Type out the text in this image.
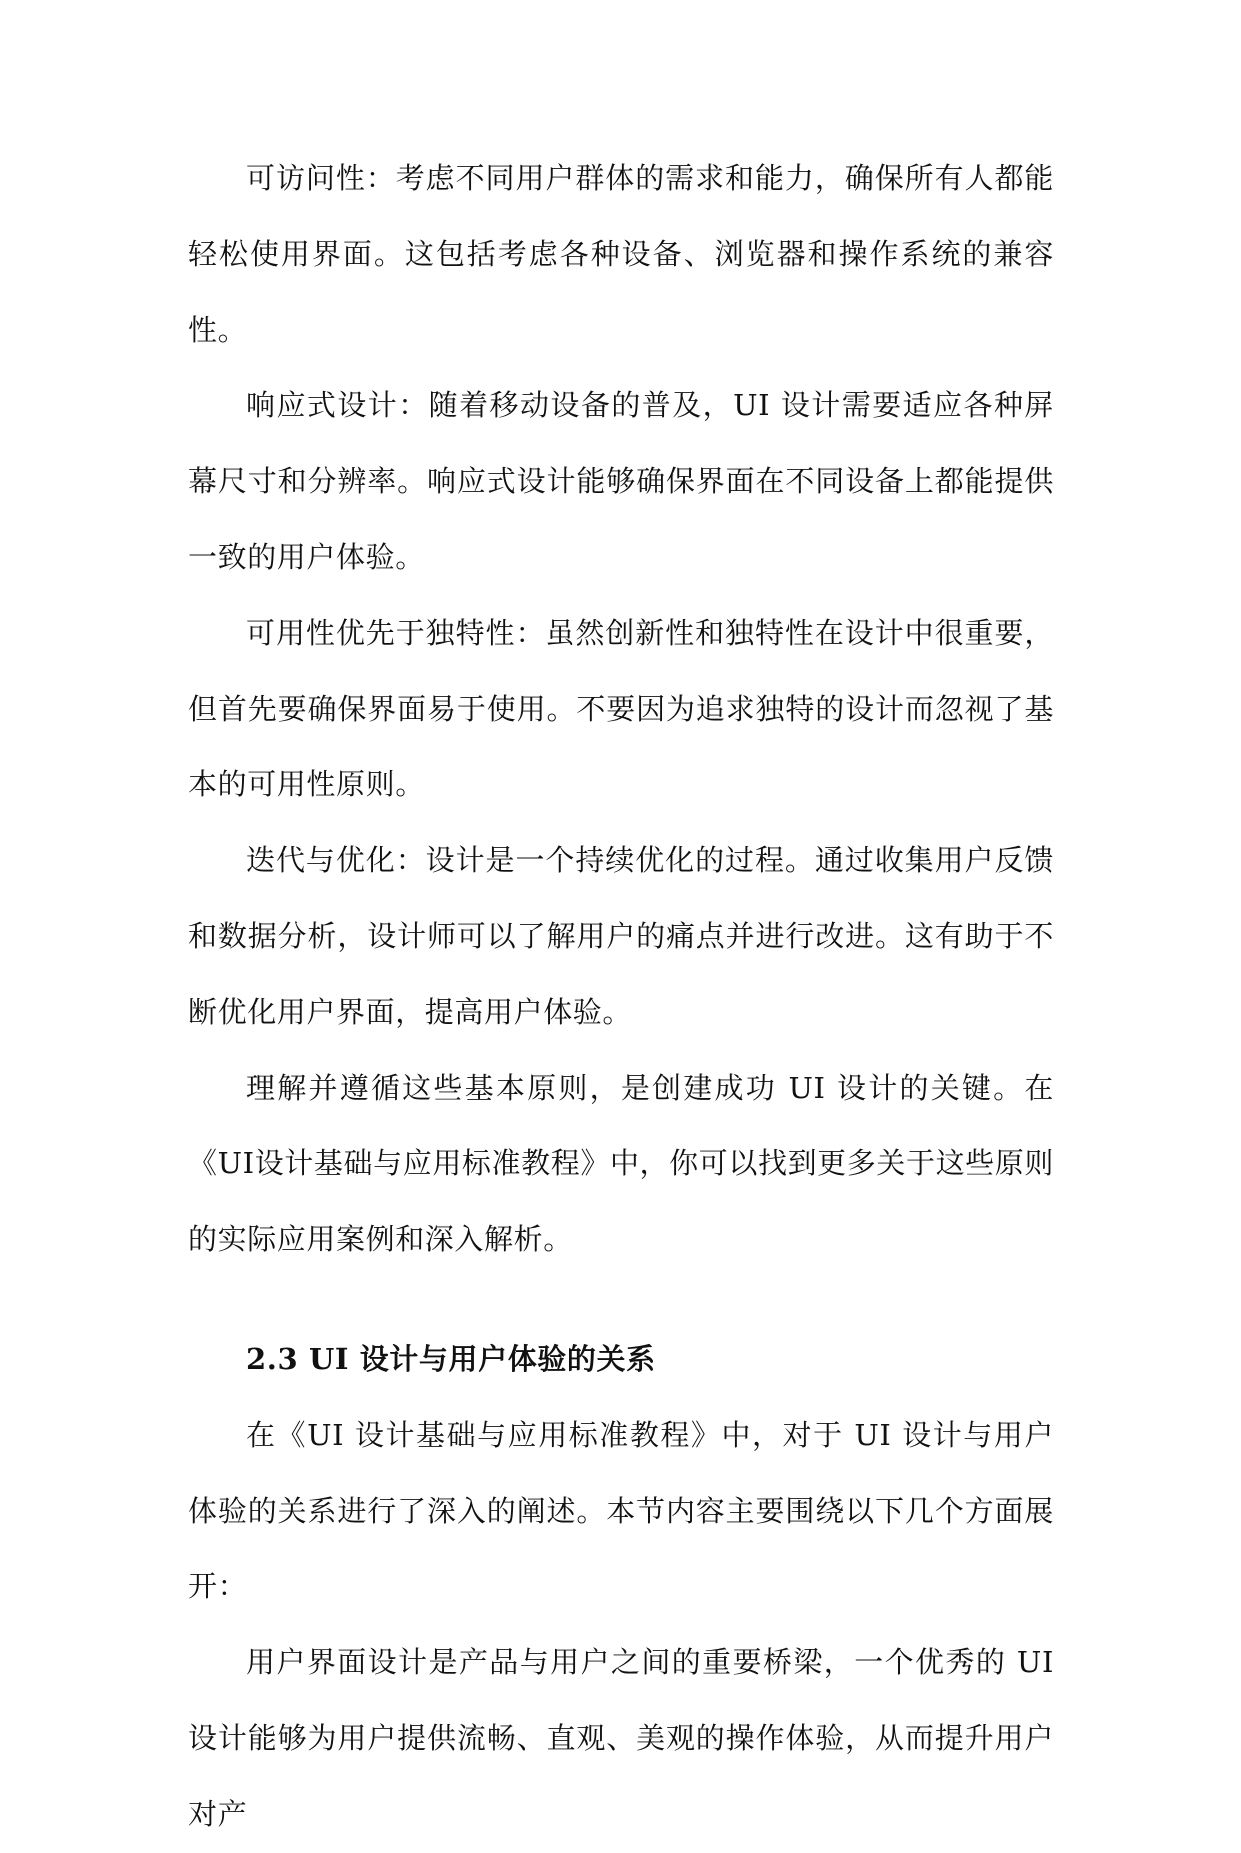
可访问性：考虑不同用户群体的需求和能力，确保所有人都能轻松使用界面。这包括考虑各种设备、浏览器和操作系统的兼容性。

响应式设计：随着移动设备的普及，UI 设计需要适应各种屏幕尺寸和分辨率。响应式设计能够确保界面在不同设备上都能提供一致的用户体验。

可用性优先于独特性：虽然创新性和独特性在设计中很重要，但首先要确保界面易于使用。不要因为追求独特的设计而忽视了基本的可用性原则。

迭代与优化：设计是一个持续优化的过程。通过收集用户反馈和数据分析，设计师可以了解用户的痛点并进行改进。这有助于不断优化用户界面，提高用户体验。

理解并遵循这些基本原则，是创建成功 UI 设计的关键。在《UI设计基础与应用标准教程》中，你可以找到更多关于这些原则的实际应用案例和深入解析。

2.3 UI 设计与用户体验的关系

在《UI 设计基础与应用标准教程》中，对于 UI 设计与用户体验的关系进行了深入的阐述。本节内容主要围绕以下几个方面展开：

用户界面设计是产品与用户之间的重要桥梁，一个优秀的 UI 设计能够为用户提供流畅、直观、美观的操作体验，从而提升用户对产
